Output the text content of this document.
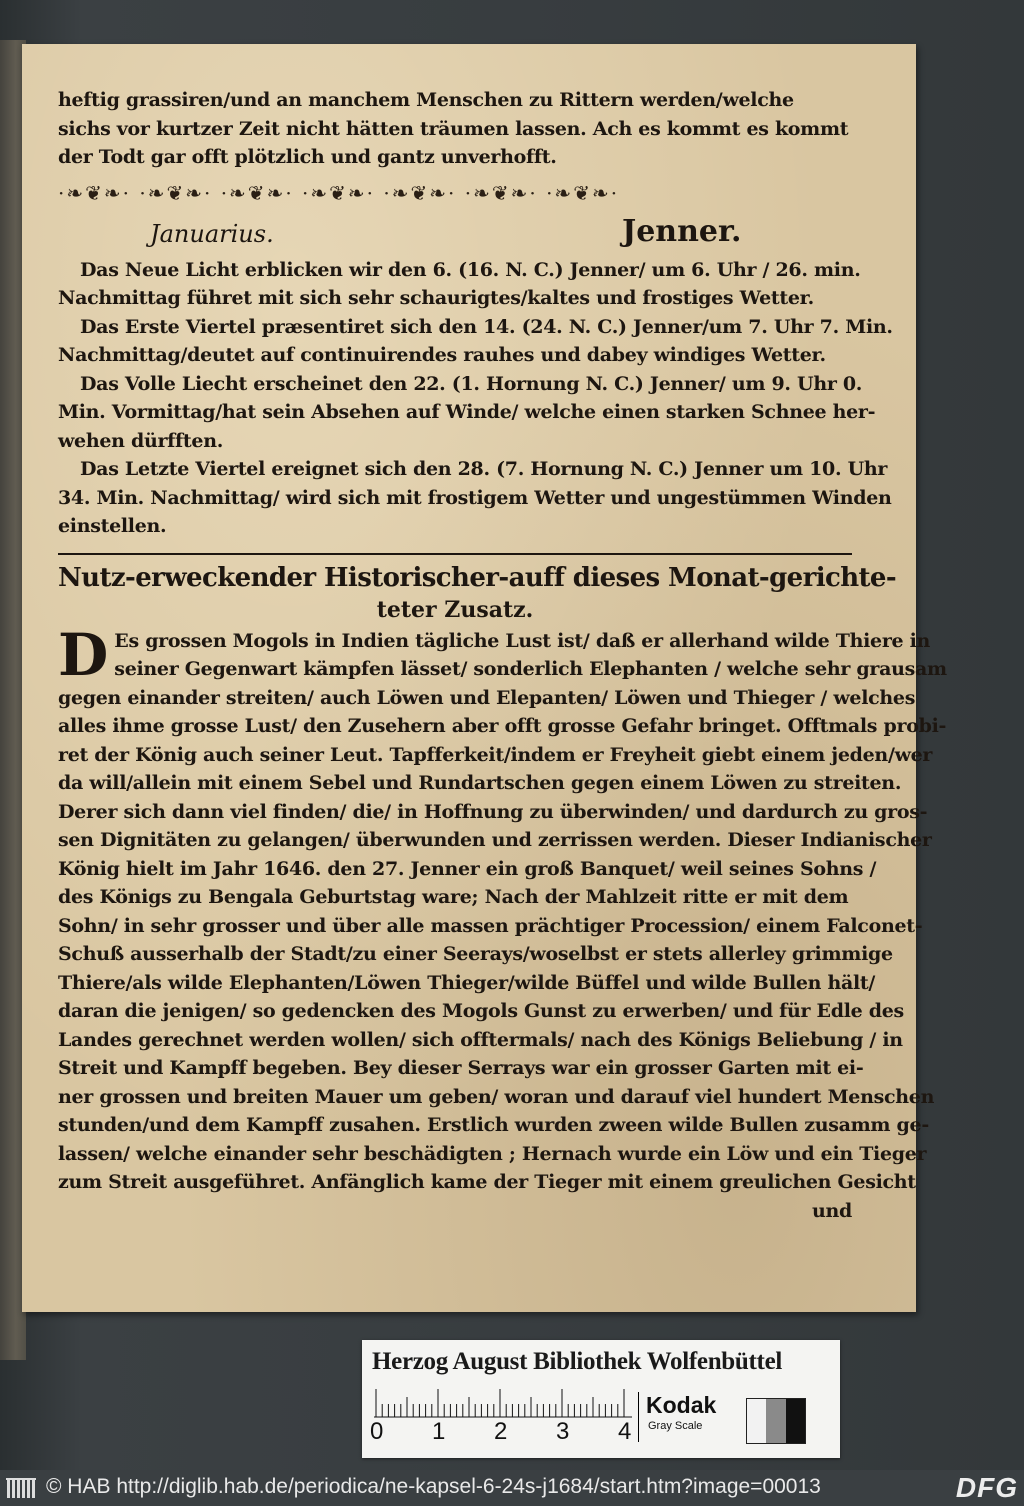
heftig grassiren/und an manchem Menschen zu Rittern werden/welche
sichs vor kurtzer Zeit nicht hätten träumen lassen. Ach es kommt es kommt
der Todt gar offt plötzlich und gantz unverhofft.
·❧❦❧· ·❧❦❧· ·❧❦❧· ·❧❦❧· ·❧❦❧· ·❧❦❧· ·❧❦❧·
Januarius.	Jenner.
Das Neue Licht erblicken wir den 6. (16. N. C.) Jenner/ um 6. Uhr / 26. min.
Nachmittag führet mit sich sehr schaurigtes/kaltes und frostiges Wetter.
Das Erste Viertel præsentiret sich den 14. (24. N. C.) Jenner/um 7. Uhr 7. Min.
Nachmittag/deutet auf continuirendes rauhes und dabey windiges Wetter.
Das Volle Liecht erscheinet den 22. (1. Hornung N. C.) Jenner/ um 9. Uhr 0.
Min. Vormittag/hat sein Absehen auf Winde/ welche einen starken Schnee her-
wehen dürfften.
Das Letzte Viertel ereignet sich den 28. (7. Hornung N. C.) Jenner um 10. Uhr
34. Min. Nachmittag/ wird sich mit frostigem Wetter und ungestümmen Winden
einstellen.
Nutz-erweckender Historischer-auff dieses Monat-gerichte-
teter Zusatz.
D Es grossen Mogols in Indien tägliche Lust ist/ daß er allerhand wilde Thiere in
seiner Gegenwart kämpfen lässet/ sonderlich Elephanten / welche sehr grausam
gegen einander streiten/ auch Löwen und Elepanten/ Löwen und Thieger / welches
alles ihme grosse Lust/ den Zusehern aber offt grosse Gefahr bringet. Offtmals probi-
ret der König auch seiner Leut. Tapfferkeit/indem er Freyheit giebt einem jeden/wer
da will/allein mit einem Sebel und Rundartschen gegen einem Löwen zu streiten.
Derer sich dann viel finden/ die/ in Hoffnung zu überwinden/ und dardurch zu gros-
sen Dignitäten zu gelangen/ überwunden und zerrissen werden. Dieser Indianischer
König hielt im Jahr 1646. den 27. Jenner ein groß Banquet/ weil seines Sohns /
des Königs zu Bengala Geburtstag ware; Nach der Mahlzeit ritte er mit dem
Sohn/ in sehr grosser und über alle massen prächtiger Procession/ einem Falconet-
Schuß ausserhalb der Stadt/zu einer Seerays/woselbst er stets allerley grimmige
Thiere/als wilde Elephanten/Löwen Thieger/wilde Büffel und wilde Bullen hält/
daran die jenigen/ so gedencken des Mogols Gunst zu erwerben/ und für Edle des
Landes gerechnet werden wollen/ sich offtermals/ nach des Königs Beliebung / in
Streit und Kampff begeben. Bey dieser Serrays war ein grosser Garten mit ei-
ner grossen und breiten Mauer um geben/ woran und darauf viel hundert Menschen
stunden/und dem Kampff zusahen. Erstlich wurden zween wilde Bullen zusamm ge-
lassen/ welche einander sehr beschädigten ; Hernach wurde ein Löw und ein Tieger
zum Streit ausgeführet. Anfänglich kame der Tieger mit einem greulichen Gesicht
und
Herzog August Bibliothek Wolfenbüttel
0 1 2 3 4
Kodak
Gray Scale
© HAB http://diglib.hab.de/periodica/ne-kapsel-6-24s-j1684/start.htm?image=00013	DFG
